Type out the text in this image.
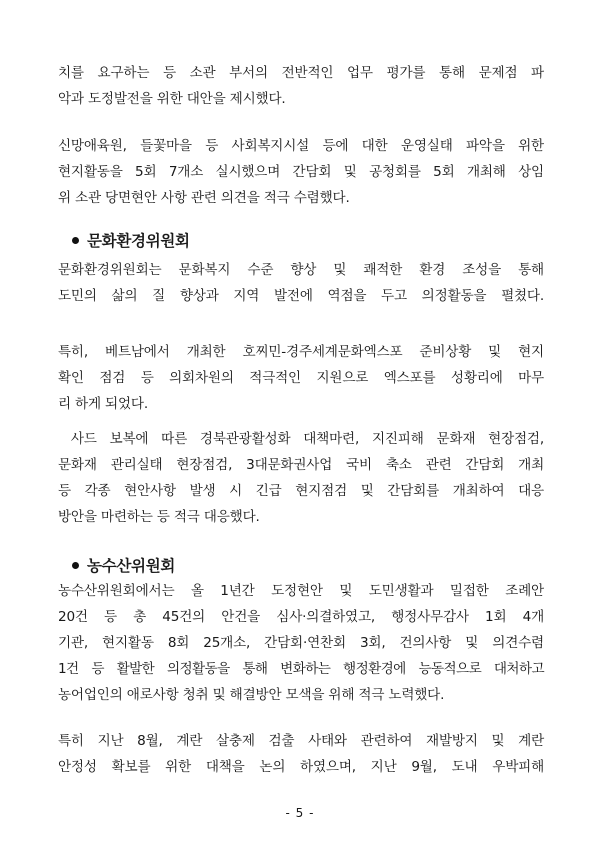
치를 요구하는 등 소관 부서의 전반적인 업무 평가를 통해 문제점 파
악과 도정발전을 위한 대안을 제시했다.
신망애육원, 들꽃마을 등 사회복지시설 등에 대한 운영실태 파악을 위한
현지활동을 5회 7개소 실시했으며 간담회 및 공청회를 5회 개최해 상임
위 소관 당면현안 사항 관련 의견을 적극 수렴했다.
문화환경위원회
문화환경위원회는 문화복지 수준 향상 및 쾌적한 환경 조성을 통해
도민의 삶의 질 향상과 지역 발전에 역점을 두고 의정활동을 펼쳤다.
특히, 베트남에서 개최한 호찌민-경주세계문화엑스포 준비상황 및 현지
확인 점검 등 의회차원의 적극적인 지원으로 엑스포를 성황리에 마무
리 하게 되었다.
사드 보복에 따른 경북관광활성화 대책마련, 지진피해 문화재 현장점검,
문화재 관리실태 현장점검, 3대문화권사업 국비 축소 관련 간담회 개최
등 각종 현안사항 발생 시 긴급 현지점검 및 간담회를 개최하여 대응
방안을 마련하는 등 적극 대응했다.
농수산위원회
농수산위원회에서는 올 1년간 도정현안 및 도민생활과 밀접한 조례안
20건 등 총 45건의 안건을 심사·의결하였고, 행정사무감사 1회 4개
기관, 현지활동 8회 25개소, 간담회·연찬회 3회, 건의사항 및 의견수렴
1건 등 활발한 의정활동을 통해 변화하는 행정환경에 능동적으로 대처하고
농어업인의 애로사항 청취 및 해결방안 모색을 위해 적극 노력했다.
특히 지난 8월, 계란 살충제 검출 사태와 관련하여 재발방지 및 계란
안정성 확보를 위한 대책을 논의 하였으며, 지난 9월, 도내 우박피해
- 5 -
